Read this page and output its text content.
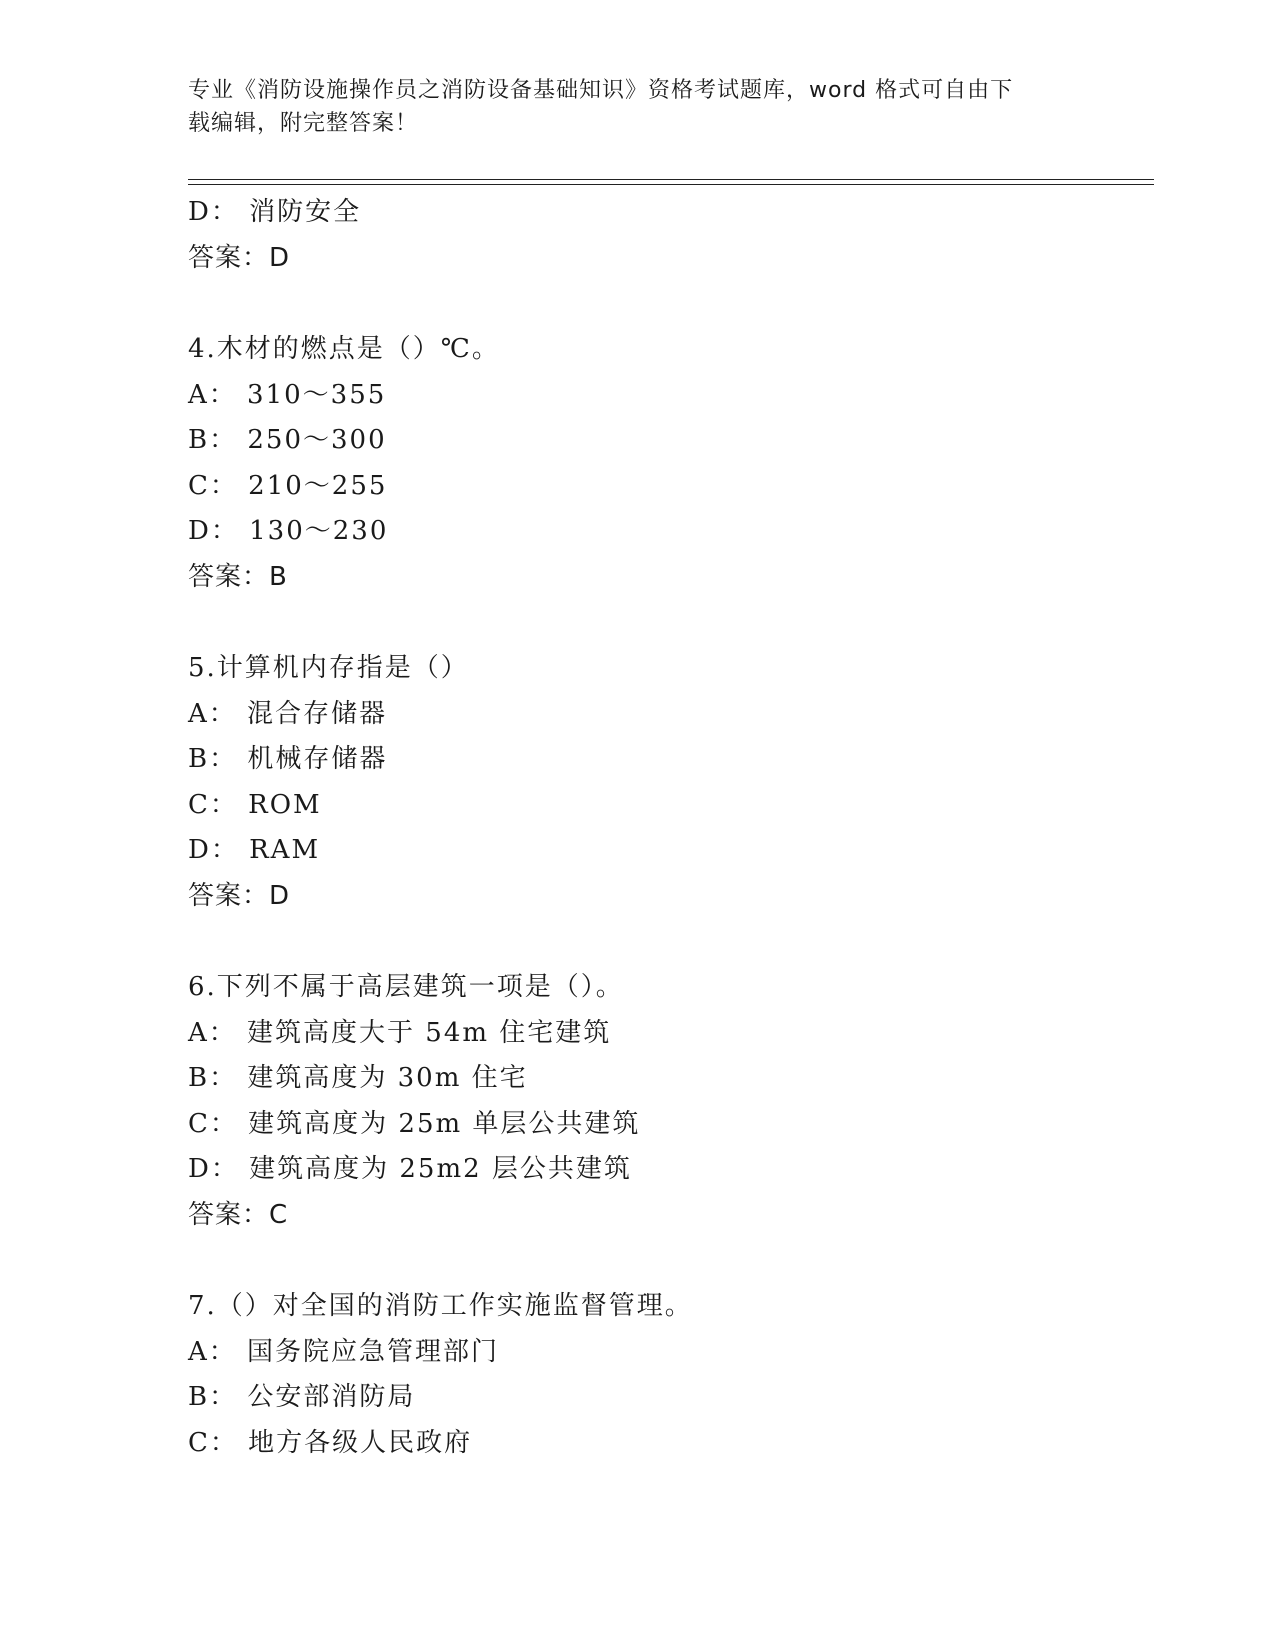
专业《消防设施操作员之消防设备基础知识》资格考试题库，word 格式可自由下
载编辑，附完整答案！
D： 消防安全
答案：D
4.木材的燃点是（）℃。
A： 310～355
B： 250～300
C： 210～255
D： 130～230
答案：B
5.计算机内存指是（）
A： 混合存储器
B： 机械存储器
C： ROM
D： RAM
答案：D
6.下列不属于高层建筑一项是（）。
A： 建筑高度大于 54m 住宅建筑
B： 建筑高度为 30m 住宅
C： 建筑高度为 25m 单层公共建筑
D： 建筑高度为 25m2 层公共建筑
答案：C
7.（）对全国的消防工作实施监督管理。
A： 国务院应急管理部门
B： 公安部消防局
C： 地方各级人民政府
